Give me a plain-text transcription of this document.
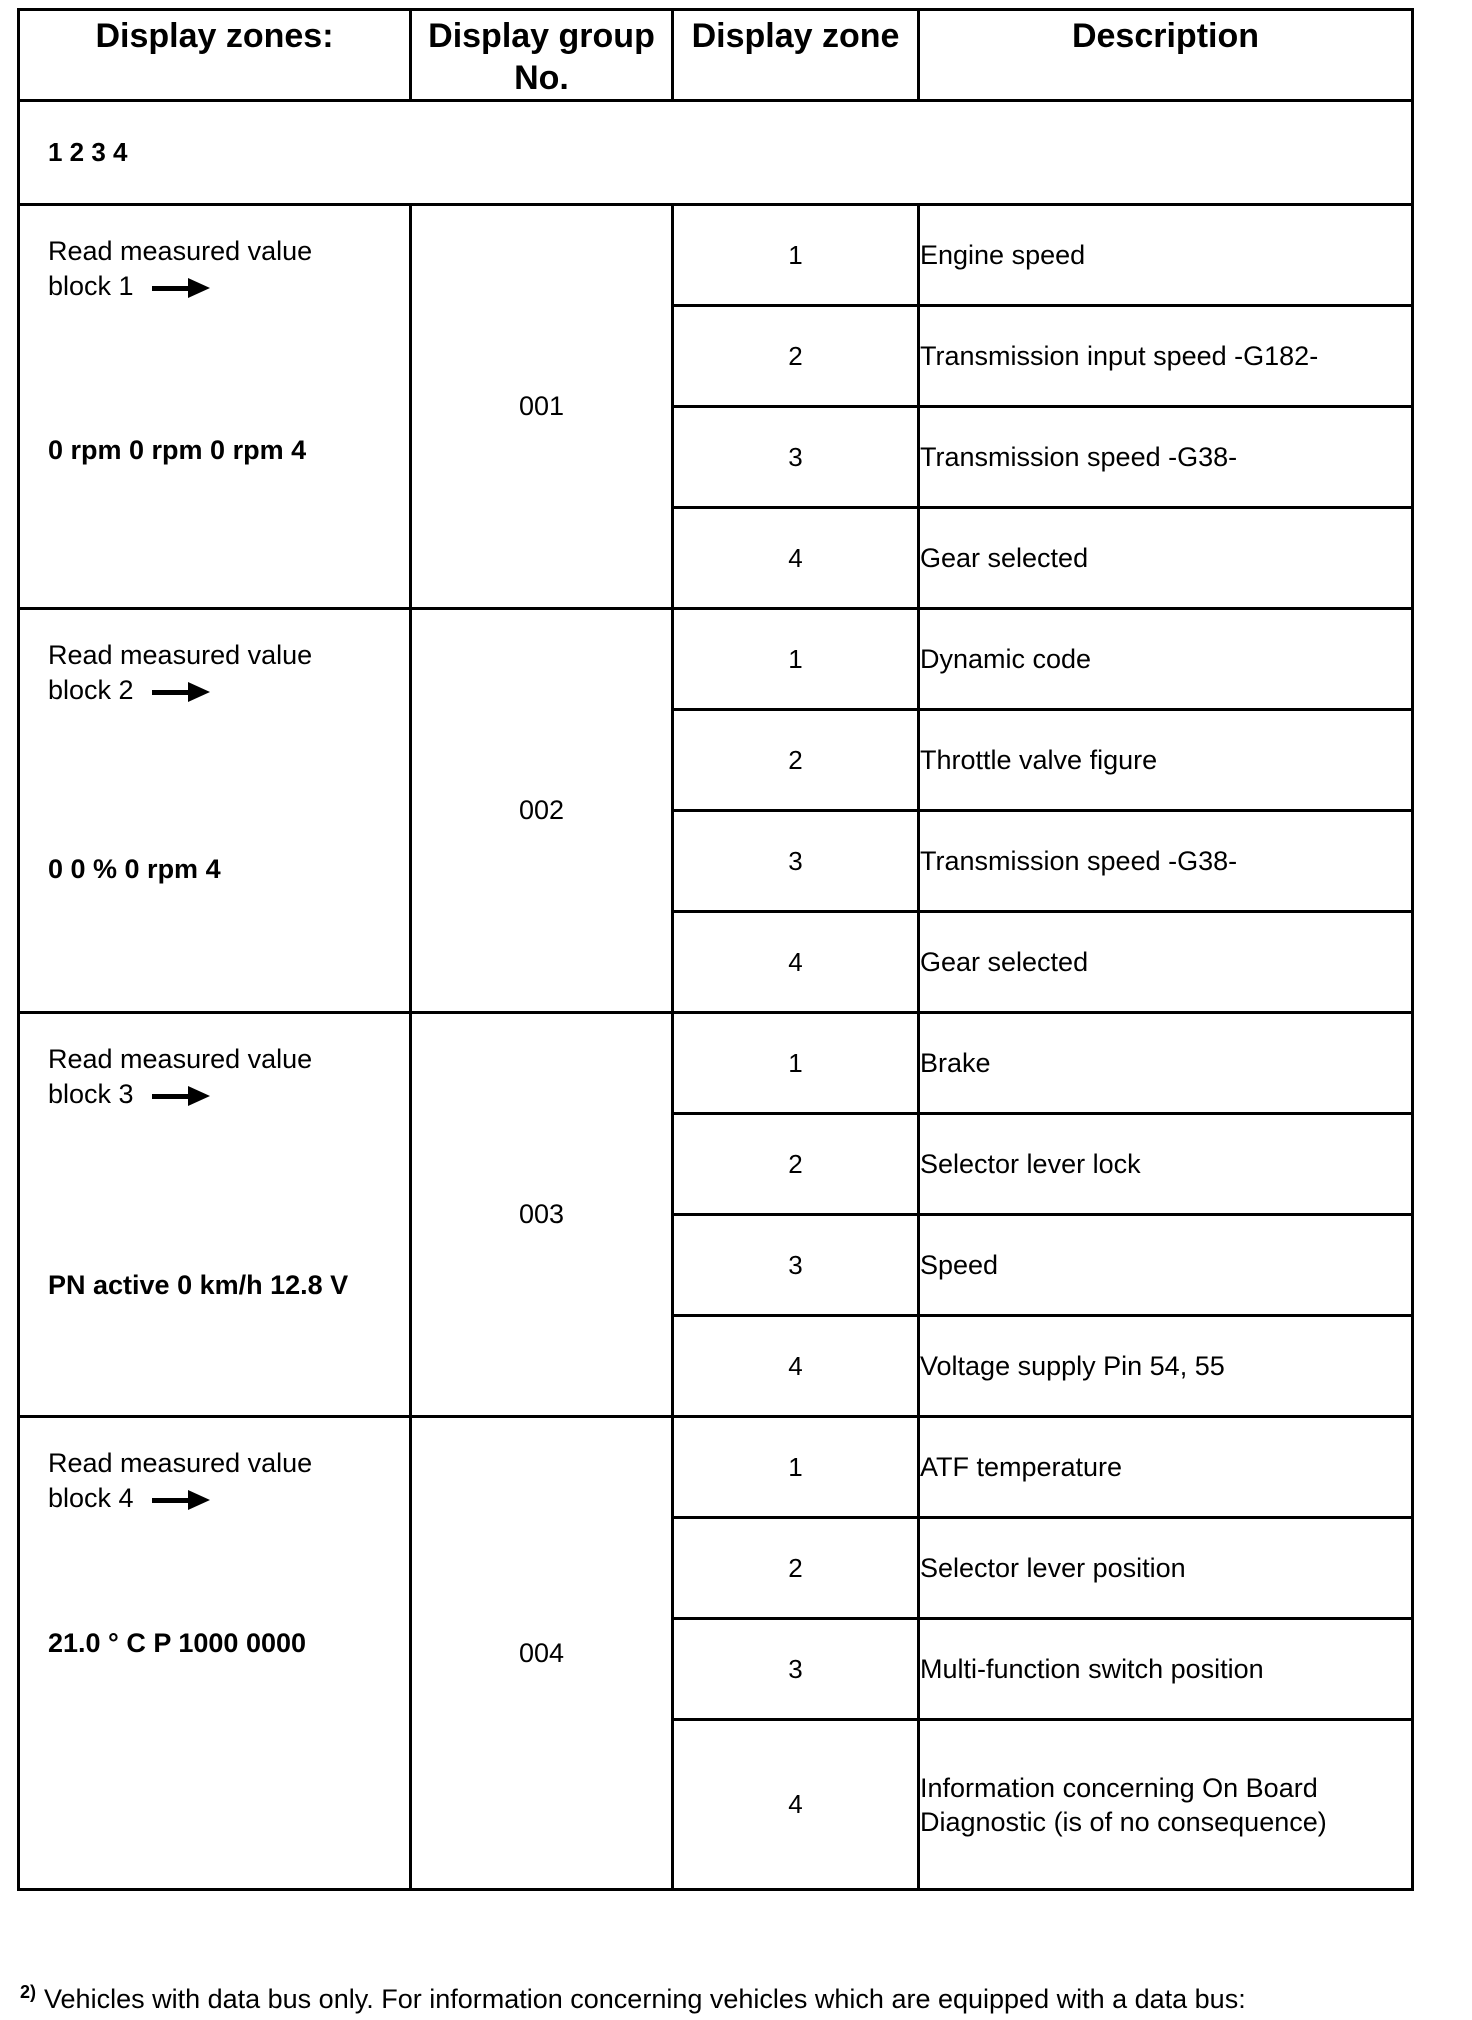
Display zones:	Display group No.	Display zone	Description
1 2 3 4			

Read measured value
block 1
0 rpm 0 rpm 0 rpm 4	001	1	Engine speed
		2	Transmission input speed -G182-
		3	Transmission speed -G38-
		4	Gear selected

Read measured value
block 2
0 0 % 0 rpm 4	002	1	Dynamic code
		2	Throttle valve figure
		3	Transmission speed -G38-
		4	Gear selected

Read measured value
block 3
PN active 0 km/h 12.8 V	003	1	Brake
		2	Selector lever lock
		3	Speed
		4	Voltage supply Pin 54, 55

Read measured value
block 4
21.0 ° C P 1000 0000	004	1	ATF temperature
		2	Selector lever position
		3	Multi-function switch position
		4	Information concerning On Board Diagnostic (is of no consequence)
$^{2)}$ Vehicles with data bus only. For information concerning vehicles which are equipped with a data bus:
